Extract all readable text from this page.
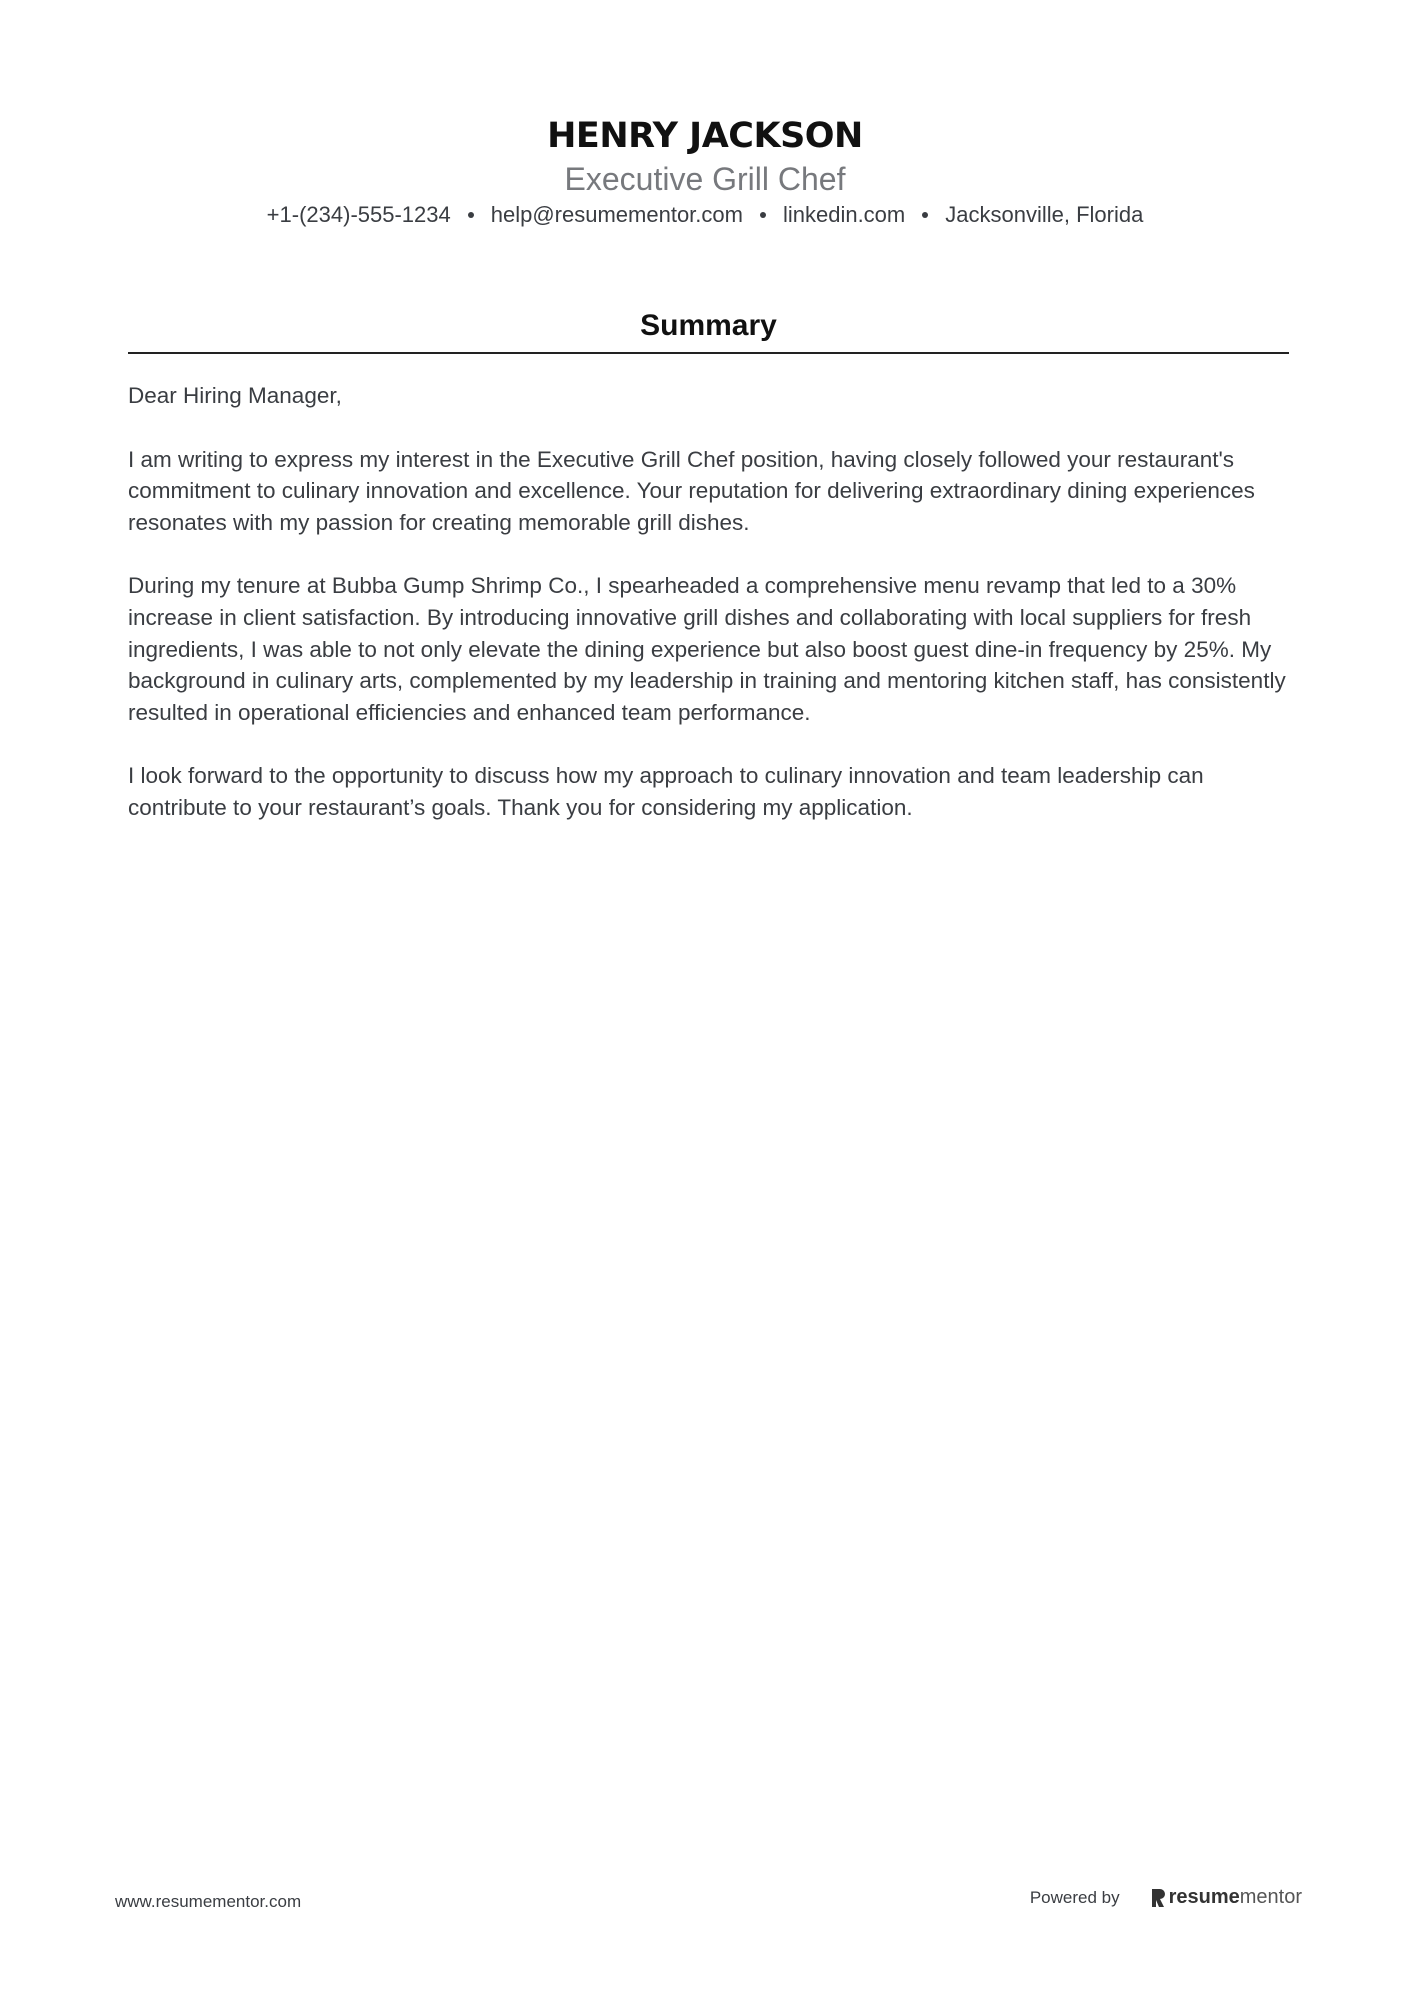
HENRY JACKSON
Executive Grill Chef
+1-(234)-555-1234 help@resumementor.com linkedin.com Jacksonville, Florida
Summary

Dear Hiring Manager,

I am writing to express my interest in the Executive Grill Chef position, having closely followed your restaurant's commitment to culinary innovation and excellence. Your reputation for delivering extraordinary dining experiences resonates with my passion for creating memorable grill dishes.

During my tenure at Bubba Gump Shrimp Co., I spearheaded a comprehensive menu revamp that led to a 30% increase in client satisfaction. By introducing innovative grill dishes and collaborating with local suppliers for fresh ingredients, I was able to not only elevate the dining experience but also boost guest dine-in frequency by 25%. My background in culinary arts, complemented by my leadership in training and mentoring kitchen staff, has consistently resulted in operational efficiencies and enhanced team performance.

I look forward to the opportunity to discuss how my approach to culinary innovation and team leadership can contribute to your restaurant’s goals. Thank you for considering my application.

www.resumementor.com	Powered by resume mentor
